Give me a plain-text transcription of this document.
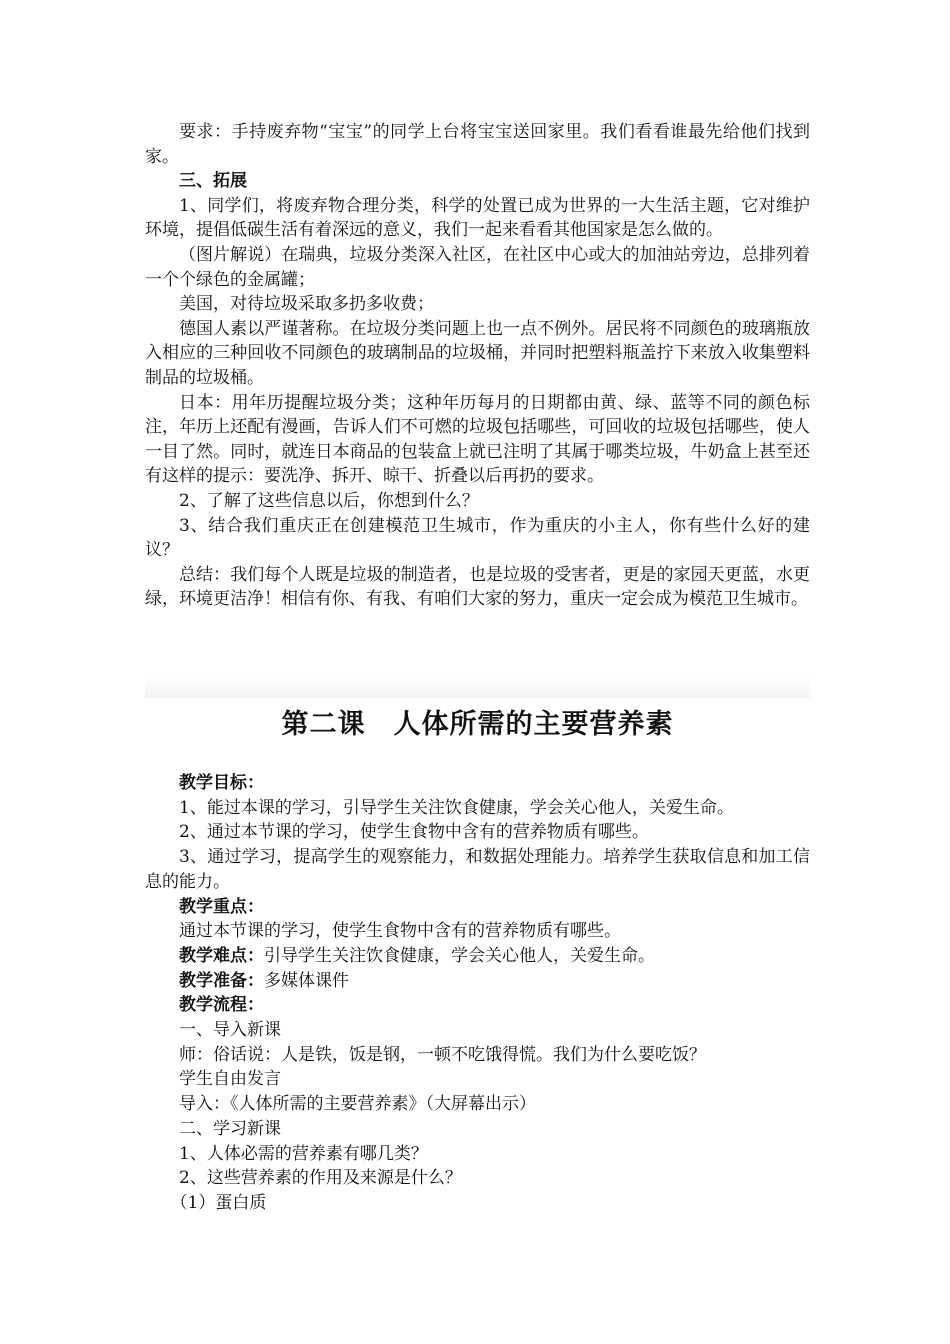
要求：手持废弃物“宝宝”的同学上台将宝宝送回家里。我们看看谁最先给他们找到家。

三、拓展

1、同学们，将废弃物合理分类，科学的处置已成为世界的一大生活主题，它对维护环境，提倡低碳生活有着深远的意义，我们一起来看看其他国家是怎么做的。

（图片解说）在瑞典，垃圾分类深入社区，在社区中心或大的加油站旁边，总排列着一个个绿色的金属罐；

美国，对待垃圾采取多扔多收费；

德国人素以严谨著称。在垃圾分类问题上也一点不例外。居民将不同颜色的玻璃瓶放入相应的三种回收不同颜色的玻璃制品的垃圾桶，并同时把塑料瓶盖拧下来放入收集塑料制品的垃圾桶。

日本：用年历提醒垃圾分类；这种年历每月的日期都由黄、绿、蓝等不同的颜色标注，年历上还配有漫画，告诉人们不可燃的垃圾包括哪些，可回收的垃圾包括哪些，使人一目了然。同时，就连日本商品的包装盒上就已注明了其属于哪类垃圾，牛奶盒上甚至还有这样的提示：要洗净、拆开、晾干、折叠以后再扔的要求。

2、了解了这些信息以后，你想到什么？

3、结合我们重庆正在创建模范卫生城市，作为重庆的小主人，你有些什么好的建议？

总结：我们每个人既是垃圾的制造者，也是垃圾的受害者，更是的家园天更蓝，水更绿，环境更洁净！相信有你、有我、有咱们大家的努力，重庆一定会成为模范卫生城市。

第二课　人体所需的主要营养素

教学目标：

1、能过本课的学习，引导学生关注饮食健康，学会关心他人，关爱生命。

2、通过本节课的学习，使学生食物中含有的营养物质有哪些。

3、通过学习，提高学生的观察能力，和数据处理能力。培养学生获取信息和加工信息的能力。

教学重点：

通过本节课的学习，使学生食物中含有的营养物质有哪些。

教学难点：引导学生关注饮食健康，学会关心他人，关爱生命。

教学准备：多媒体课件

教学流程：

一、导入新课

师：俗话说：人是铁，饭是钢，一顿不吃饿得慌。我们为什么要吃饭？

学生自由发言

导入：《人体所需的主要营养素》（大屏幕出示）

二、学习新课

1、人体必需的营养素有哪几类？

2、这些营养素的作用及来源是什么？

（1）蛋白质
